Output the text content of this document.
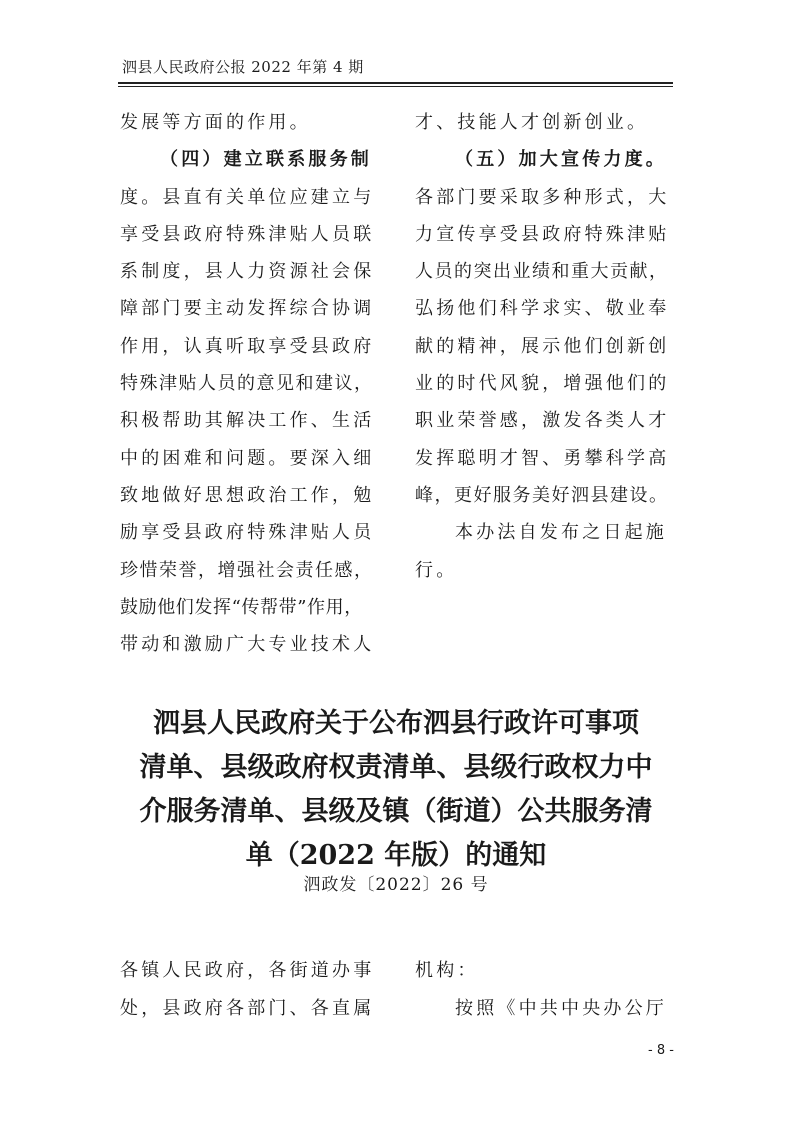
泗县人民政府公报 2022 年第 4 期
发展等方面的作用。
（四）建立联系服务制
度。县直有关单位应建立与
享受县政府特殊津贴人员联
系制度，县人力资源社会保
障部门要主动发挥综合协调
作用，认真听取享受县政府
特殊津贴人员的意见和建议，
积极帮助其解决工作、生活
中的困难和问题。要深入细
致地做好思想政治工作，勉
励享受县政府特殊津贴人员
珍惜荣誉，增强社会责任感，
鼓励他们发挥“传帮带”作用，
带动和激励广大专业技术人
才、技能人才创新创业。
（五）加大宣传力度。
各部门要采取多种形式，大
力宣传享受县政府特殊津贴
人员的突出业绩和重大贡献，
弘扬他们科学求实、敬业奉
献的精神，展示他们创新创
业的时代风貌，增强他们的
职业荣誉感，激发各类人才
发挥聪明才智、勇攀科学高
峰，更好服务美好泗县建设。
本办法自发布之日起施
行。
泗县人民政府关于公布泗县行政许可事项
清单、县级政府权责清单、县级行政权力中
介服务清单、县级及镇（街道）公共服务清
单（2022 年版）的通知
泗政发〔2022〕26 号
各镇人民政府，各街道办事
处，县政府各部门、各直属
机构：
按照《中共中央办公厅
- 8 -
